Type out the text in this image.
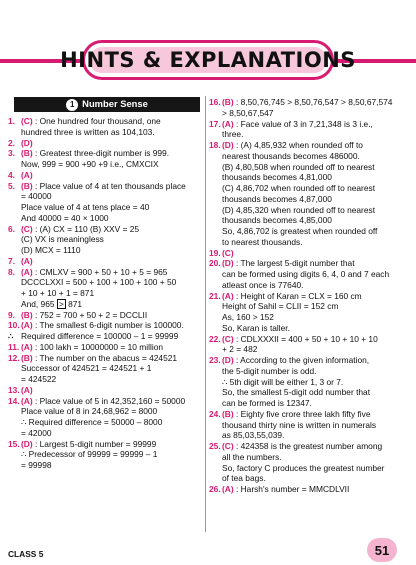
HINTS & EXPLANATIONS
1 Number Sense
1. (C) : One hundred four thousand, one
hundred three is written as 104,103.
2. (D)
3. (B) : Greatest three-digit number is 999.
Now, 999 = 900 +90 +9 i.e., CMXCIX
4. (A)
5. (B) : Place value of 4 at ten thousands place
= 40000
Place value of 4 at tens place = 40
And 40000 = 40 × 1000
6. (C) : (A) CX = 110 (B) XXV = 25
(C) VX is meaningless
(D) MCX = 1110
7. (A)
8. (A) : CMLXV = 900 + 50 + 10 + 5 = 965
DCCCLXXI = 500 + 100 + 100 + 100 + 50
+ 10 + 10 + 1 = 871
And, 965 > 871
9. (B) : 752 = 700 + 50 + 2 = DCCLII
10. (A) : The smallest 6-digit number is 100000.
∴ Required difference = 100000 – 1 = 99999
11. (A) : 100 lakh = 10000000 = 10 million
12. (B) : The number on the abacus = 424521
Successor of 424521 = 424521 + 1
= 424522
13. (A)
14. (A) : Place value of 5 in 42,352,160 = 50000
Place value of 8 in 24,68,962 = 8000
∴ Required difference = 50000 – 8000
= 42000
15. (D) : Largest 5-digit number = 99999
∴ Predecessor of 99999 = 99999 – 1
= 99998
16. (B) : 8,50,76,745 > 8,50,76,547 > 8,50,67,574
> 8,50,67,547
17. (A) : Face value of 3 in 7,21,348 is 3 i.e.,
three.
18. (D) : (A) 4,85,932 when rounded off to
nearest thousands becomes 486000.
(B) 4,80,508 when rounded off to nearest
thousands becomes 4,81,000
(C) 4,86,702 when rounded off to nearest
thousands becomes 4,87,000
(D) 4,85,320 when rounded off to nearest
thousands becomes 4,85,000
So, 4,86,702 is greatest when rounded off
to nearest thousands.
19. (C)
20. (D) : The largest 5-digit number that
can be formed using digits 6, 4, 0 and 7 each
atleast once is 77640.
21. (A) : Height of Karan = CLX = 160 cm
Height of Sahil = CLII = 152 cm
As, 160 > 152
So, Karan is taller.
22. (C) : CDLXXXII = 400 + 50 + 10 + 10 + 10
+ 2 = 482
23. (D) : According to the given information,
the 5-digit number is odd.
∴ 5th digit will be either 1, 3 or 7.
So, the smallest 5-digit odd number that
can be formed is 12347.
24. (B) : Eighty five crore three lakh fifty five
thousand thirty nine is written in numerals
as 85,03,55,039.
25. (C) : 424358 is the greatest number among
all the numbers.
So, factory C produces the greatest number
of tea bags.
26. (A) : Harsh's number = MMCDLVII
CLASS 5	51
